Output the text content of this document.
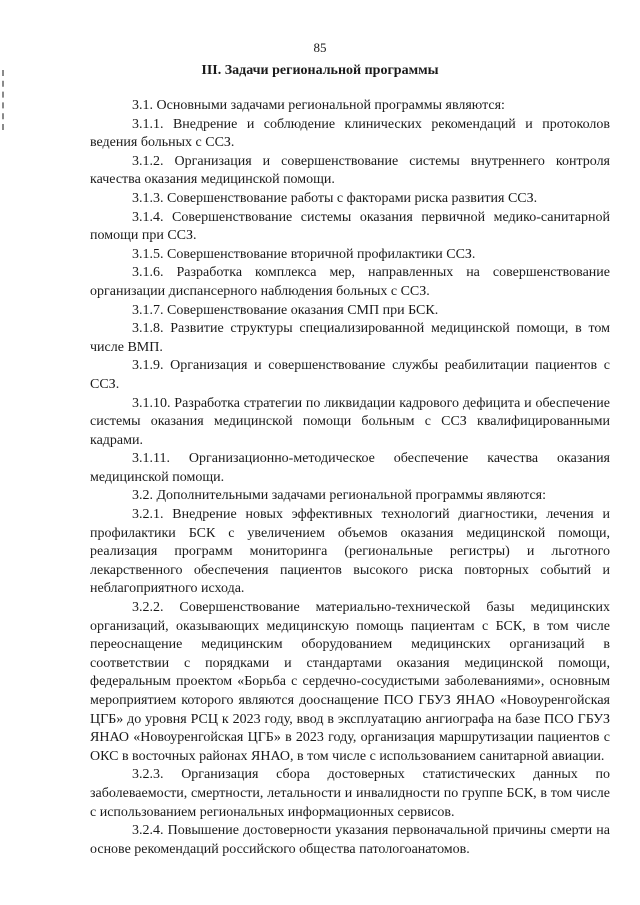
85
III. Задачи региональной программы

3.1. Основными задачами региональной программы являются:

3.1.1. Внедрение и соблюдение клинических рекомендаций и протоколов ведения больных с ССЗ.

3.1.2. Организация и совершенствование системы внутреннего контроля качества оказания медицинской помощи.

3.1.3. Совершенствование работы с факторами риска развития ССЗ.

3.1.4. Совершенствование системы оказания первичной медико-санитарной помощи при ССЗ.

3.1.5. Совершенствование вторичной профилактики ССЗ.

3.1.6. Разработка комплекса мер, направленных на совершенствование организации диспансерного наблюдения больных с ССЗ.

3.1.7. Совершенствование оказания СМП при БСК.

3.1.8. Развитие структуры специализированной медицинской помощи, в том числе ВМП.

3.1.9. Организация и совершенствование службы реабилитации пациентов с ССЗ.

3.1.10. Разработка стратегии по ликвидации кадрового дефицита и обеспечение системы оказания медицинской помощи больным с ССЗ квалифицированными кадрами.

3.1.11. Организационно-методическое обеспечение качества оказания медицинской помощи.

3.2. Дополнительными задачами региональной программы являются:

3.2.1. Внедрение новых эффективных технологий диагностики, лечения и профилактики БСК с увеличением объемов оказания медицинской помощи, реализация программ мониторинга (региональные регистры) и льготного лекарственного обеспечения пациентов высокого риска повторных событий и неблагоприятного исхода.

3.2.2. Совершенствование материально-технической базы медицинских организаций, оказывающих медицинскую помощь пациентам с БСК, в том числе переоснащение медицинским оборудованием медицинских организаций в соответствии с порядками и стандартами оказания медицинской помощи, федеральным проектом «Борьба с сердечно-сосудистыми заболеваниями», основным мероприятием которого являются дооснащение ПСО ГБУЗ ЯНАО «Новоуренгойская ЦГБ» до уровня РСЦ к 2023 году, ввод в эксплуатацию ангиографа на базе ПСО ГБУЗ ЯНАО «Новоуренгойская ЦГБ» в 2023 году, организация маршрутизации пациентов с ОКС в восточных районах ЯНАО, в том числе с использованием санитарной авиации.

3.2.3. Организация сбора достоверных статистических данных по заболеваемости, смертности, летальности и инвалидности по группе БСК, в том числе с использованием региональных информационных сервисов.

3.2.4. Повышение достоверности указания первоначальной причины смерти на основе рекомендаций российского общества патологоанатомов.
